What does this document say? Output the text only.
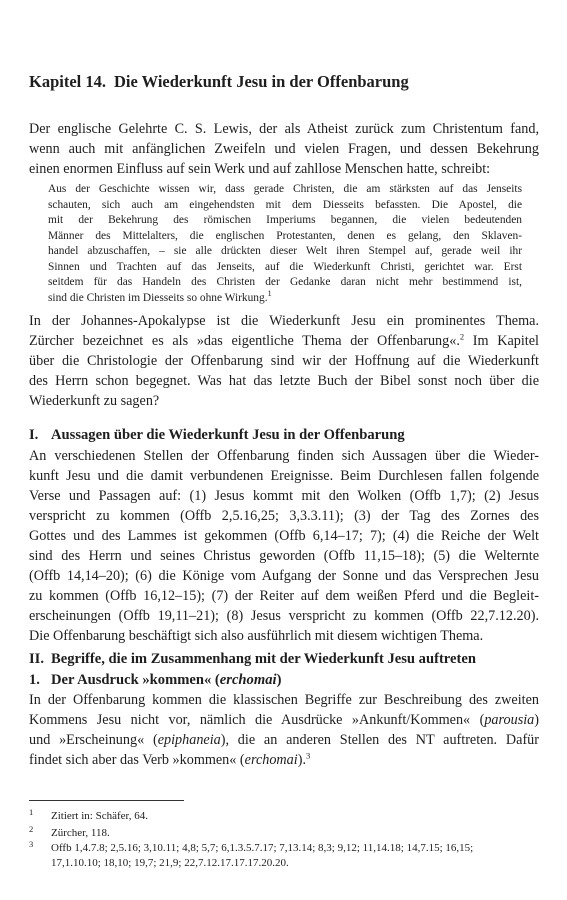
Kapitel 14. Die Wiederkunft Jesu in der Offenbarung
Der englische Gelehrte C. S. Lewis, der als Atheist zurück zum Christentum fand,
wenn auch mit anfänglichen Zweifeln und vielen Fragen, und dessen Bekehrung
einen enormen Einfluss auf sein Werk und auf zahllose Menschen hatte, schreibt:
Aus der Geschichte wissen wir, dass gerade Christen, die am stärksten auf das Jenseits
schauten, sich auch am eingehendsten mit dem Diesseits befassten. Die Apostel, die
mit der Bekehrung des römischen Imperiums begannen, die vielen bedeutenden
Männer des Mittelalters, die englischen Protestanten, denen es gelang, den Sklaven-
handel abzuschaffen, – sie alle drückten dieser Welt ihren Stempel auf, gerade weil ihr
Sinnen und Trachten auf das Jenseits, auf die Wiederkunft Christi, gerichtet war. Erst
seitdem für das Handeln des Christen der Gedanke daran nicht mehr bestimmend ist,
sind die Christen im Diesseits so ohne Wirkung.$^1$
In der Johannes-Apokalypse ist die Wiederkunft Jesu ein prominentes Thema.
Zürcher bezeichnet es als »das eigentliche Thema der Offenbarung«.$^2$ Im Kapitel
über die Christologie der Offenbarung sind wir der Hoffnung auf die Wiederkunft
des Herrn schon begegnet. Was hat das letzte Buch der Bibel sonst noch über die
Wiederkunft zu sagen?
I. Aussagen über die Wiederkunft Jesu in der Offenbarung
An verschiedenen Stellen der Offenbarung finden sich Aussagen über die Wieder-
kunft Jesu und die damit verbundenen Ereignisse. Beim Durchlesen fallen folgende
Verse und Passagen auf: (1) Jesus kommt mit den Wolken (Offb 1,7); (2) Jesus
verspricht zu kommen (Offb 2,5.16,25; 3,3.3.11); (3) der Tag des Zornes des
Gottes und des Lammes ist gekommen (Offb 6,14–17; 7); (4) die Reiche der Welt
sind des Herrn und seines Christus geworden (Offb 11,15–18); (5) die Welternte
(Offb 14,14–20); (6) die Könige vom Aufgang der Sonne und das Versprechen Jesu
zu kommen (Offb 16,12–15); (7) der Reiter auf dem weißen Pferd und die Begleit-
erscheinungen (Offb 19,11–21); (8) Jesus verspricht zu kommen (Offb 22,7.12.20).
Die Offenbarung beschäftigt sich also ausführlich mit diesem wichtigen Thema.
II. Begriffe, die im Zusammenhang mit der Wiederkunft Jesu auftreten
1. Der Ausdruck »kommen« (erchomai)
In der Offenbarung kommen die klassischen Begriffe zur Beschreibung des zweiten
Kommens Jesu nicht vor, nämlich die Ausdrücke »Ankunft/Kommen« (parousia)
und »Erscheinung« (epiphaneia), die an anderen Stellen des NT auftreten. Dafür
findet sich aber das Verb »kommen« (erchomai).$^3$
1 Zitiert in: Schäfer, 64.
2 Zürcher, 118.
3 Offb 1,4.7.8; 2,5.16; 3,10.11; 4,8; 5,7; 6,1.3.5.7.17; 7,13.14; 8,3; 9,12; 11,14.18; 14,7.15; 16,15;
17,1.10.10; 18,10; 19,7; 21,9; 22,7.12.17.17.17.20.20.
